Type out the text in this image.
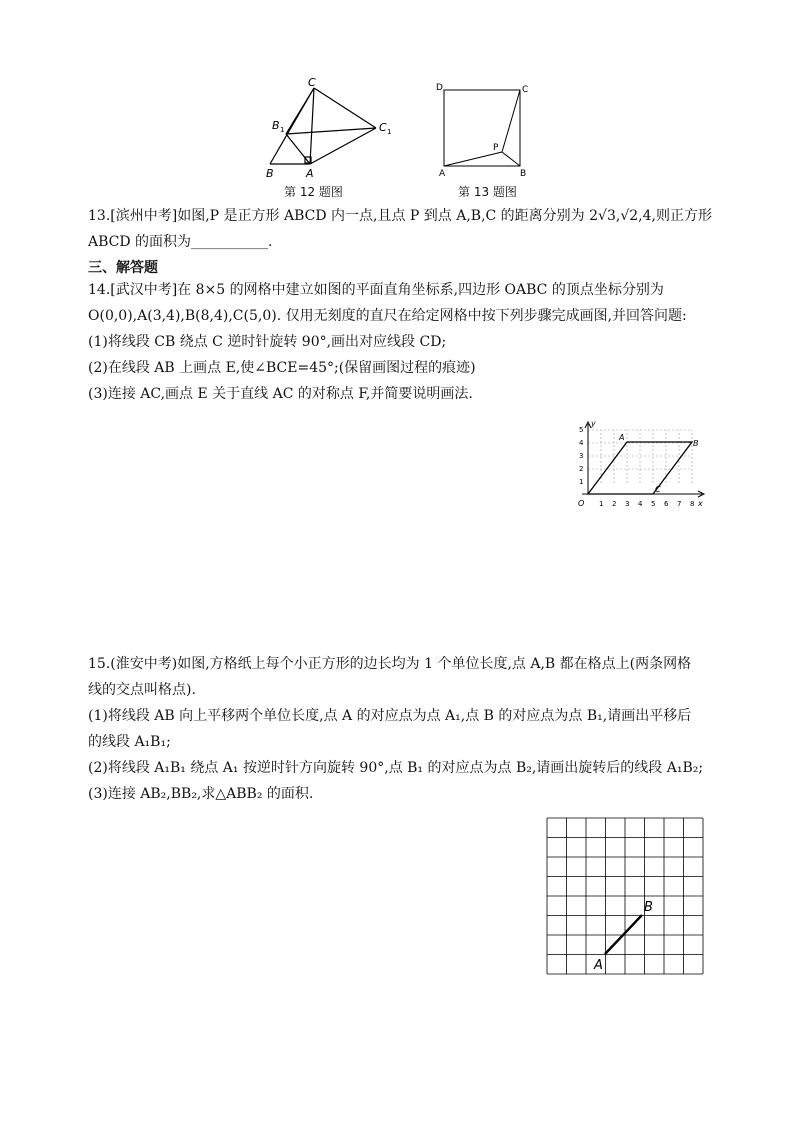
C
B 1	C 1
B	A
第 12 题图
D	C
P
A	B
第 13 题图
13.[滨州中考]如图,P 是正方形 ABCD 内一点,且点 P 到点 A,B,C 的距离分别为 2√3,√2,4,则正方形
ABCD 的面积为___________.
三、解答题
14.[武汉中考]在 8×5 的网格中建立如图的平面直角坐标系,四边形 OABC 的顶点坐标分别为
O(0,0),A(3,4),B(8,4),C(5,0). 仅用无刻度的直尺在给定网格中按下列步骤完成画图,并回答问题:
(1)将线段 CB 绕点 C 逆时针旋转 90°,画出对应线段 CD;
(2)在线段 AB 上画点 E,使∠BCE=45°;(保留画图过程的痕迹)
(3)连接 AC,画点 E 关于直线 AC 的对称点 F,并简要说明画法.
y
x
O
A
B
C
1
2
3
4
5
1 2 3 4 5 6 7 8
15.(淮安中考)如图,方格纸上每个小正方形的边长均为 1 个单位长度,点 A,B 都在格点上(两条网格
线的交点叫格点).
(1)将线段 AB 向上平移两个单位长度,点 A 的对应点为点 A₁,点 B 的对应点为点 B₁,请画出平移后
的线段 A₁B₁;
(2)将线段 A₁B₁ 绕点 A₁ 按逆时针方向旋转 90°,点 B₁ 的对应点为点 B₂,请画出旋转后的线段 A₁B₂;
(3)连接 AB₂,BB₂,求△ABB₂ 的面积.
A
B
